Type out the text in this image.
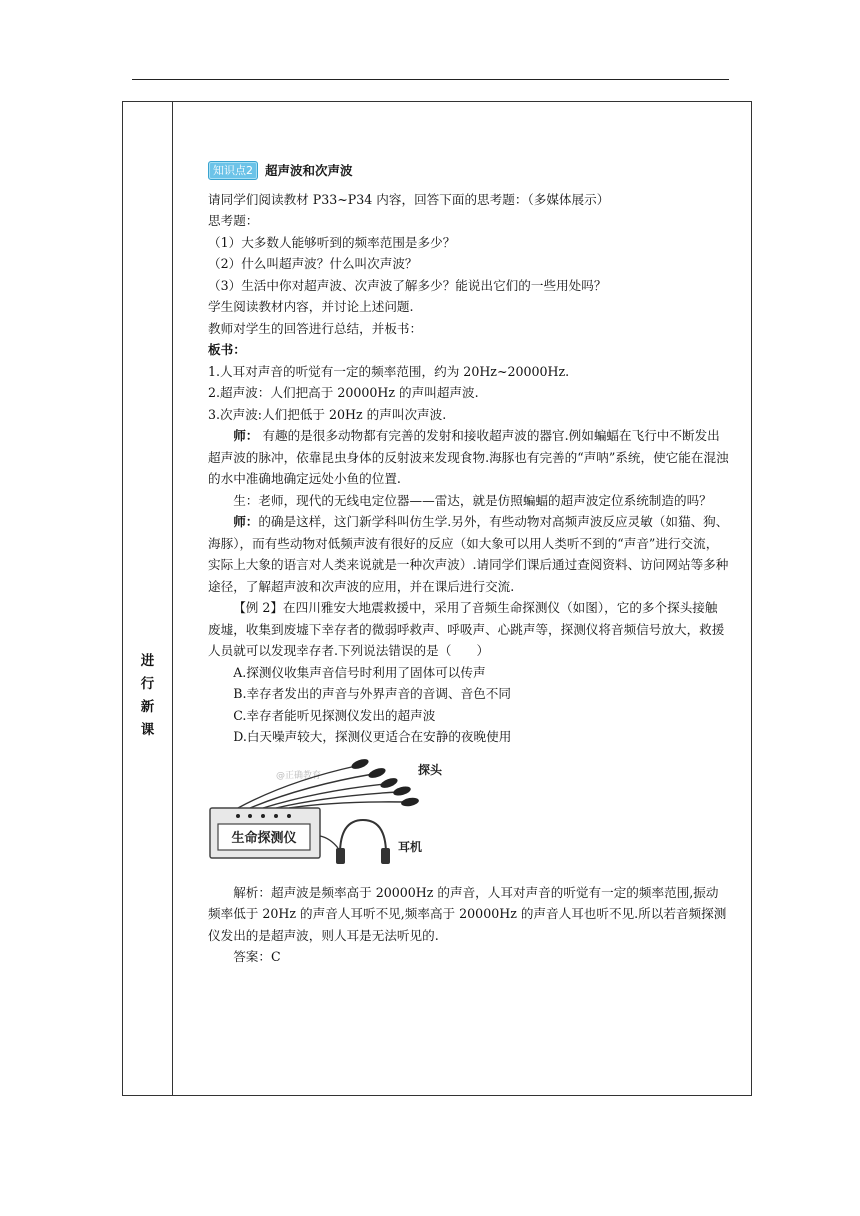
进
行
新
课
知识点2 超声波和次声波

请同学们阅读教材 P33~P34 内容，回答下面的思考题：（多媒体展示）

思考题：

（1）大多数人能够听到的频率范围是多少？

（2）什么叫超声波？什么叫次声波？

（3）生活中你对超声波、次声波了解多少？能说出它们的一些用处吗？

学生阅读教材内容，并讨论上述问题.

教师对学生的回答进行总结，并板书：

板书：

1.人耳对声音的听觉有一定的频率范围，约为 20Hz~20000Hz.

2.超声波：人们把高于 20000Hz 的声叫超声波.

3.次声波:人们把低于 20Hz 的声叫次声波.

师： 有趣的是很多动物都有完善的发射和接收超声波的器官.例如蝙蝠在飞行中不断发出超声波的脉冲，依靠昆虫身体的反射波来发现食物.海豚也有完善的“声呐”系统，使它能在混浊的水中准确地确定远处小鱼的位置.

生：老师，现代的无线电定位器——雷达，就是仿照蝙蝠的超声波定位系统制造的吗？

师：的确是这样，这门新学科叫仿生学.另外，有些动物对高频声波反应灵敏（如猫、狗、海豚），而有些动物对低频声波有很好的反应（如大象可以用人类听不到的“声音”进行交流，实际上大象的语言对人类来说就是一种次声波）.请同学们课后通过查阅资料、访问网站等多种途径，了解超声波和次声波的应用，并在课后进行交流.

【例 2】在四川雅安大地震救援中，采用了音频生命探测仪（如图），它的多个探头接触废墟，收集到废墟下幸存者的微弱呼救声、呼吸声、心跳声等，探测仪将音频信号放大，救援人员就可以发现幸存者.下列说法错误的是（　　）

A.探测仪收集声音信号时利用了固体可以传声

B.幸存者发出的声音与外界声音的音调、音色不同

C.幸存者能听见探测仪发出的超声波

D.白天噪声较大，探测仪更适合在安静的夜晚使用

@正确教育	探头
生命探测仪
耳机

解析：超声波是频率高于 20000Hz 的声音，人耳对声音的听觉有一定的频率范围,振动频率低于 20Hz 的声音人耳听不见,频率高于 20000Hz 的声音人耳也听不见.所以若音频探测仪发出的是超声波，则人耳是无法听见的.

答案：C
